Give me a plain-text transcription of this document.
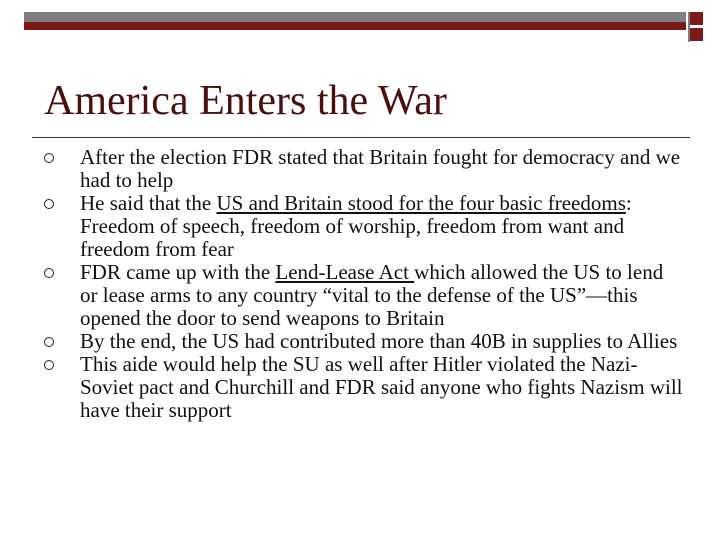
America Enters the War
After the election FDR stated that Britain fought for democracy and we had to help
He said that the US and Britain stood for the four basic freedoms: Freedom of speech, freedom of worship, freedom from want and freedom from fear
FDR came up with the Lend-Lease Act which allowed the US to lend or lease arms to any country “vital to the defense of the US”—this opened the door to send weapons to Britain
By the end, the US had contributed more than 40B in supplies to Allies
This aide would help the SU as well after Hitler violated the Nazi-Soviet pact and Churchill and FDR said anyone who fights Nazism will have their support
